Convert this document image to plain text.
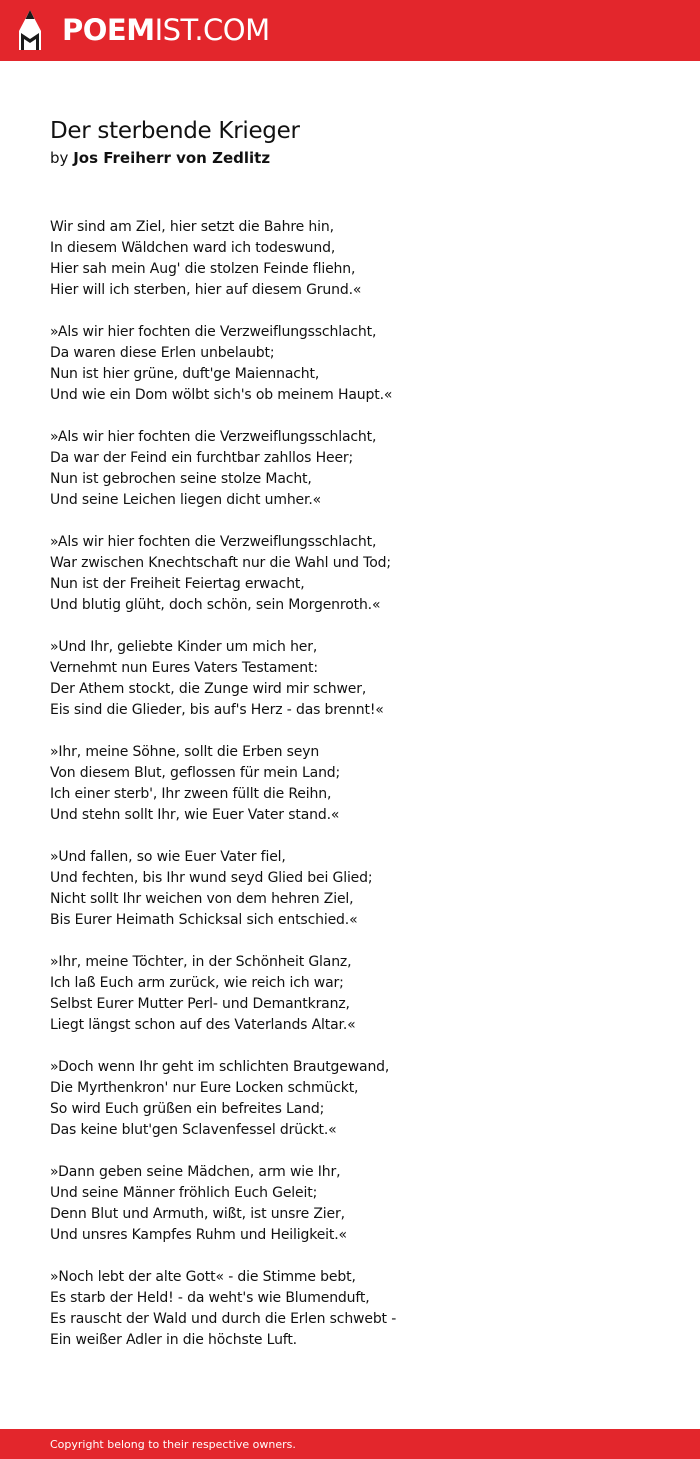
POEMIST.COM
Der sterbende Krieger
by Jos Freiherr von Zedlitz
Wir sind am Ziel, hier setzt die Bahre hin,
In diesem Wäldchen ward ich todeswund,
Hier sah mein Aug' die stolzen Feinde fliehn,
Hier will ich sterben, hier auf diesem Grund.«
»Als wir hier fochten die Verzweiflungsschlacht,
Da waren diese Erlen unbelaubt;
Nun ist hier grüne, duft'ge Maiennacht,
Und wie ein Dom wölbt sich's ob meinem Haupt.«
»Als wir hier fochten die Verzweiflungsschlacht,
Da war der Feind ein furchtbar zahllos Heer;
Nun ist gebrochen seine stolze Macht,
Und seine Leichen liegen dicht umher.«
»Als wir hier fochten die Verzweiflungsschlacht,
War zwischen Knechtschaft nur die Wahl und Tod;
Nun ist der Freiheit Feiertag erwacht,
Und blutig glüht, doch schön, sein Morgenroth.«
»Und Ihr, geliebte Kinder um mich her,
Vernehmt nun Eures Vaters Testament:
Der Athem stockt, die Zunge wird mir schwer,
Eis sind die Glieder, bis auf's Herz - das brennt!«
»Ihr, meine Söhne, sollt die Erben seyn
Von diesem Blut, geflossen für mein Land;
Ich einer sterb', Ihr zween füllt die Reihn,
Und stehn sollt Ihr, wie Euer Vater stand.«
»Und fallen, so wie Euer Vater fiel,
Und fechten, bis Ihr wund seyd Glied bei Glied;
Nicht sollt Ihr weichen von dem hehren Ziel,
Bis Eurer Heimath Schicksal sich entschied.«
»Ihr, meine Töchter, in der Schönheit Glanz,
Ich laß Euch arm zurück, wie reich ich war;
Selbst Eurer Mutter Perl- und Demantkranz,
Liegt längst schon auf des Vaterlands Altar.«
»Doch wenn Ihr geht im schlichten Brautgewand,
Die Myrthenkron' nur Eure Locken schmückt,
So wird Euch grüßen ein befreites Land;
Das keine blut'gen Sclavenfessel drückt.«
»Dann geben seine Mädchen, arm wie Ihr,
Und seine Männer fröhlich Euch Geleit;
Denn Blut und Armuth, wißt, ist unsre Zier,
Und unsres Kampfes Ruhm und Heiligkeit.«
»Noch lebt der alte Gott« - die Stimme bebt,
Es starb der Held! - da weht's wie Blumenduft,
Es rauscht der Wald und durch die Erlen schwebt -
Ein weißer Adler in die höchste Luft.
Copyright belong to their respective owners.
